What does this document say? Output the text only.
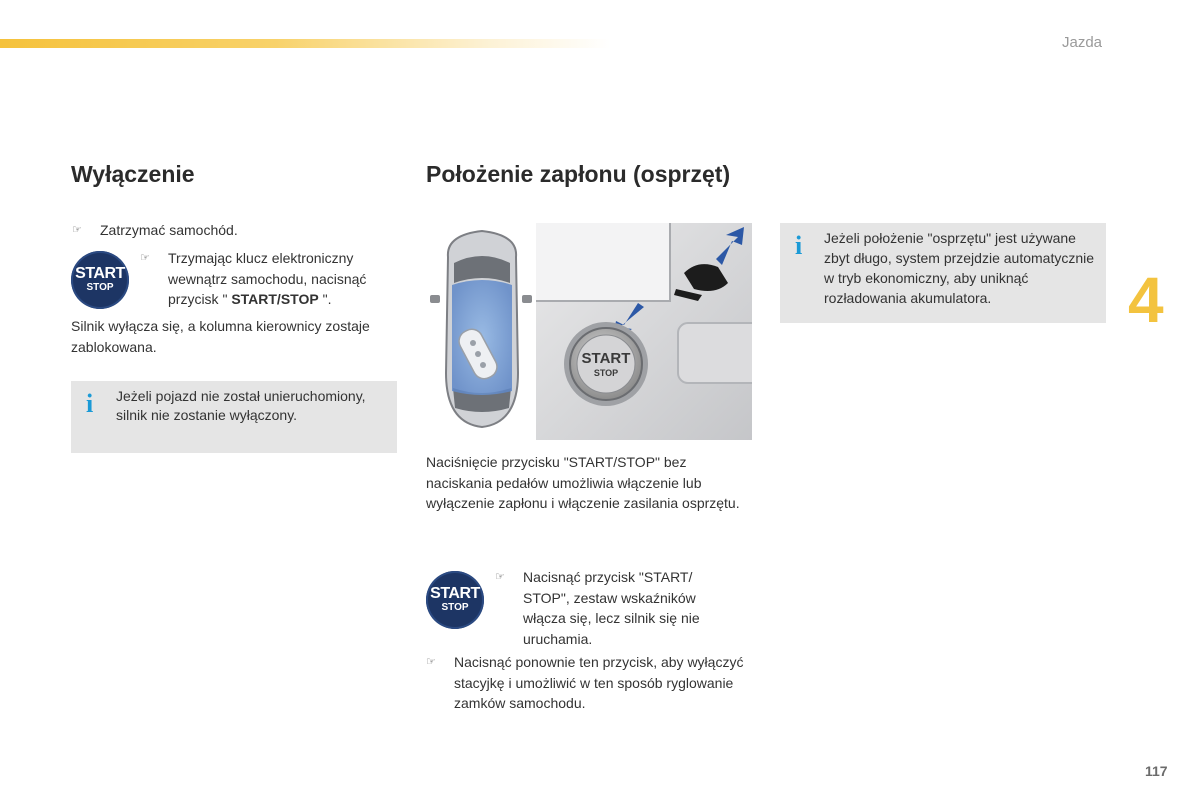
Jazda
4
Wyłączenie

☞ Zatrzymać samochód.

START
STOP

☞ Trzymając klucz elektroniczny wewnątrz samochodu, nacisnąć przycisk " START/STOP ".

Silnik wyłącza się, a kolumna kierownicy zostaje zablokowana.

i Jeżeli pojazd nie został unieruchomiony, silnik nie zostanie wyłączony.
Położenie zapłonu (osprzęt)
START
STOP

Naciśnięcie przycisku "START/STOP" bez naciskania pedałów umożliwia włączenie lub wyłączenie zapłonu i włączenie zasilania osprzętu.

START
STOP

☞ Nacisnąć przycisk "START/ STOP", zestaw wskaźników włącza się, lecz silnik się nie uruchamia.

☞ Nacisnąć ponownie ten przycisk, aby wyłączyć stacyjkę i umożliwić w ten sposób ryglowanie zamków samochodu.

i Jeżeli położenie "osprzętu" jest używane zbyt długo, system przejdzie automatycznie w tryb ekonomiczny, aby uniknąć rozładowania akumulatora.
117
